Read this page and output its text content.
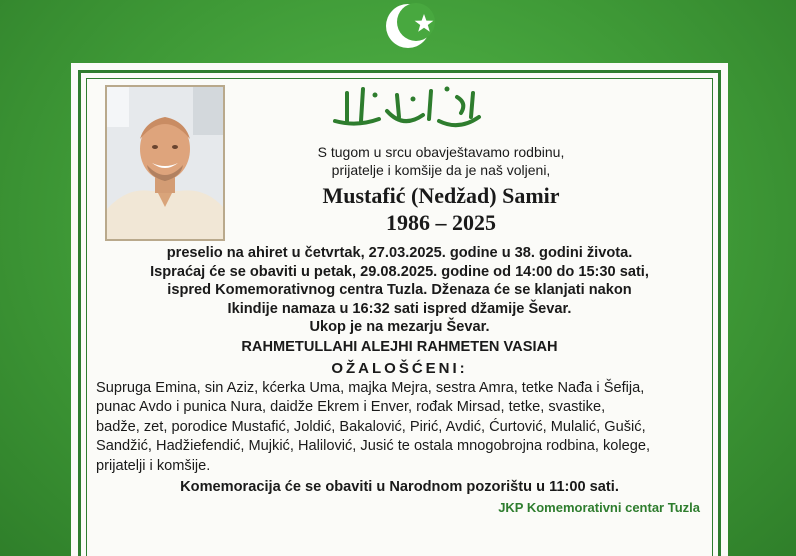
S tugom u srcu obavještavamo rodbinu,
prijatelje i komšije da je naš voljeni,
Mustafić (Nedžad) Samir
1986 – 2025
preselio na ahiret u četvrtak, 27.03.2025. godine u 38. godini života.
Ispraćaj će se obaviti u petak, 29.08.2025. godine od 14:00 do 15:30 sati,
ispred Komemorativnog centra Tuzla. Dženaza će se klanjati nakon
Ikindije namaza u 16:32 sati ispred džamije Ševar.
Ukop je na mezarju Ševar.
RAHMETULLAHI ALEJHI RAHMETEN VASIAH
OŽALOŠĆENI:
Supruga Emina, sin Aziz, kćerka Uma, majka Mejra, sestra Amra, tetke Nađa i Šefija,
punac Avdo i punica Nura, daidže Ekrem i Enver, rođak Mirsad, tetke, svastike,
badže, zet, porodice Mustafić, Joldić, Bakalović, Pirić, Avdić, Ćurtović, Mulalić, Gušić,
Sandžić, Hadžiefendić, Mujkić, Halilović, Jusić te ostala mnogobrojna rodbina, kolege,
prijatelji i komšije.
Komemoracija će se obaviti u Narodnom pozorištu u 11:00 sati.
JKP Komemorativni centar Tuzla
